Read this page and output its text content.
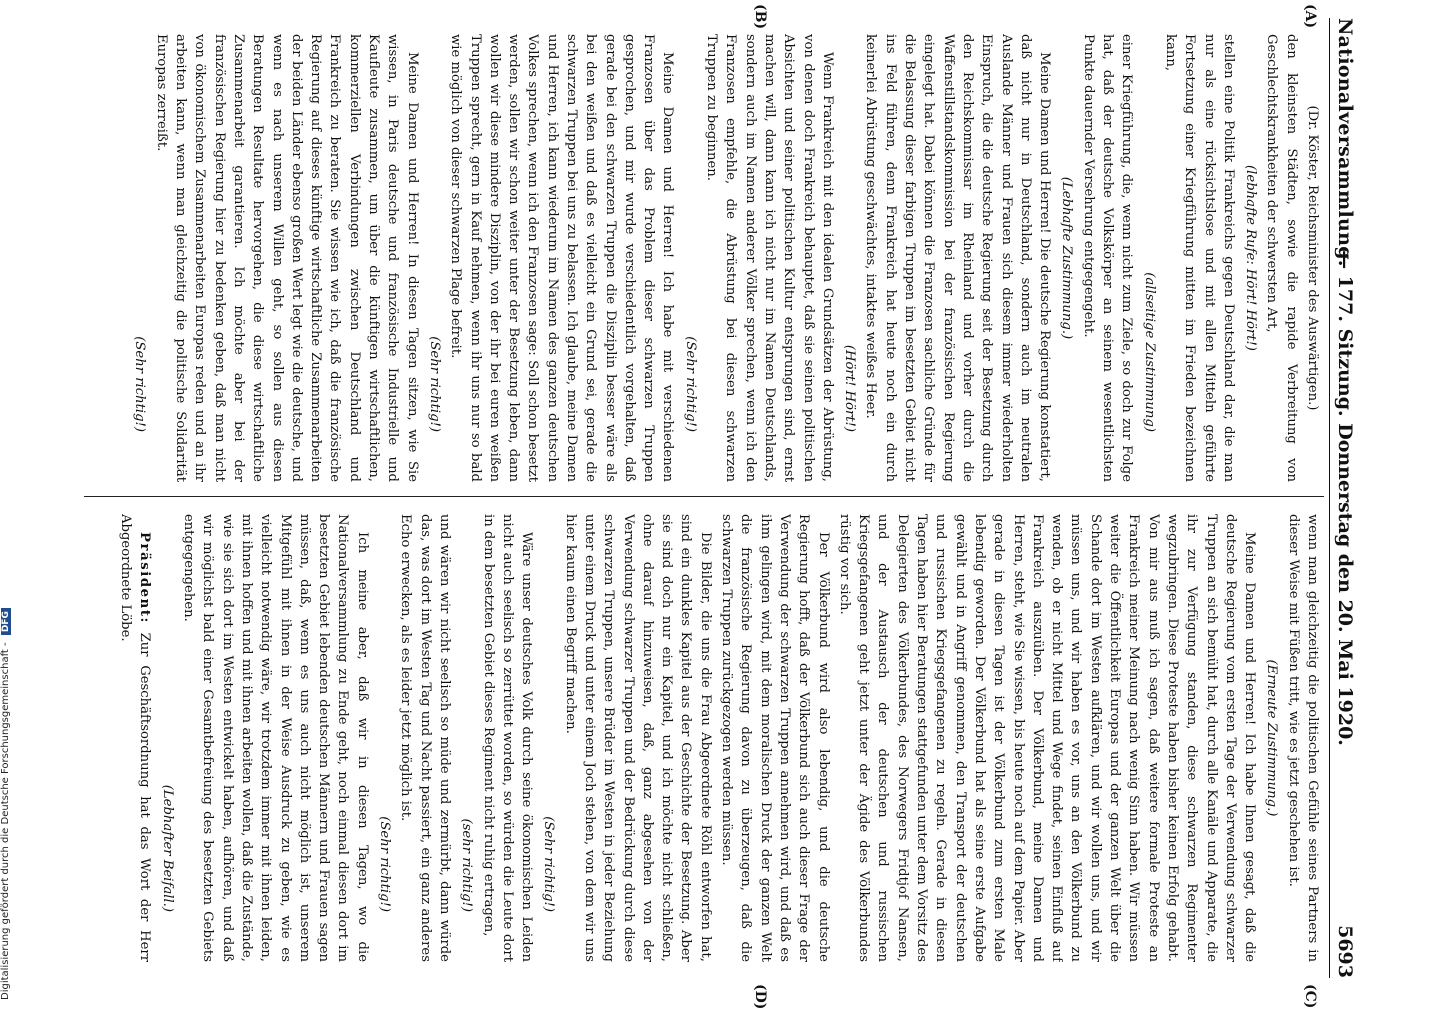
Nationalversammlung.
— 177. Sitzung. Donnerstag den 20. Mai 1920.
5693
(A)
(B)
(C)
(D)

(Dr. Köster, Reichsminister des Auswärtigen.)

den kleinsten Städten, sowie die rapide Verbreitung von Geschlechtskrankheiten der schwersten Art,

(lebhafte Rufe: Hört! Hört!)

stellen eine Politik Frankreichs gegen Deutschland dar, die man nur als eine rücksichtslose und mit allen Mitteln geführte Fortsetzung einer Kriegführung mitten im Frieden bezeichnen kann,

(allseitige Zustimmung)

einer Kriegführung, die, wenn nicht zum Ziele, so doch zur Folge hat, daß der deutsche Volkskörper an seinem wesentlichsten Punkte dauernder Versehrung entgegengeht.

(Lebhafte Zustimmung.)

Meine Damen und Herren! Die deutsche Regierung konstatiert, daß nicht nur in Deutschland, sondern auch im neutralen Auslande Männer und Frauen sich diesem immer wiederholten Einspruch, die die deutsche Regierung seit der Besetzung durch den Reichskommissar im Rheinland und vorher durch die Waffenstillstandskommission bei der französischen Regierung eingelegt hat. Dabei können die Franzosen sachliche Gründe für die Belassung dieser farbigen Truppen im besetzten Gebiet nicht ins Feld führen, denn Frankreich hat heute noch ein durch keinerlei Abrüstung geschwächtes, intaktes weißes Heer.

(Hört! Hört!)

Wenn Frankreich mit den idealen Grundsätzen der Abrüstung, von denen doch Frankreich behauptet, daß sie seinen politischen Absichten und seiner politischen Kultur entsprungen sind, ernst machen will, dann kann ich nicht nur im Namen Deutschlands, sondern auch im Namen anderer Völker sprechen, wenn ich den Franzosen empfehle, die Abrüstung bei diesen schwarzen Truppen zu beginnen.

(Sehr richtig!)

Meine Damen und Herren! Ich habe mit verschiedenen Franzosen über das Problem dieser schwarzen Truppen gesprochen, und mir wurde verschiedentlich vorgehalten, daß gerade bei den schwarzen Truppen die Disziplin besser wäre als bei den weißen und daß es vielleicht ein Grund sei, gerade die schwarzen Truppen bei uns zu belassen. Ich glaube, meine Damen und Herren, ich kann wiederum im Namen des ganzen deutschen Volkes sprechen, wenn ich den Franzosen sage: Soll schon besetzt werden, sollen wir schon weiter unter der Besetzung leben, dann wollen wir diese mindere Disziplin, von der ihr bei euren weißen Truppen sprecht, gern in Kauf nehmen, wenn ihr uns nur so bald wie möglich von dieser schwarzen Plage befreit.

(Sehr richtig!)

Meine Damen und Herren! In diesen Tagen sitzen, wie Sie wissen, in Paris deutsche und französische Industrielle und Kaufleute zusammen, um über die künftigen wirtschaftlichen, kommerziellen Verbindungen zwischen Deutschland und Frankreich zu beraten. Sie wissen wie ich, daß die französische Regierung auf dieses künftige wirtschaftliche Zusammenarbeiten der beiden Länder ebenso großen Wert legt wie die deutsche, und wenn es nach unserem Willen geht, so sollen aus diesen Beratungen Resultate hervorgehen, die diese wirtschaftliche Zusammenarbeit garantieren. Ich möchte aber bei der französischen Regierung hier zu bedenken geben, daß man nicht von ökonomischem Zusammenarbeiten Europas reden und an ihr arbeiten kann, wenn man gleichzeitig die politische Solidarität Europas zerreißt.

(Sehr richtig!)

wenn man gleichzeitig die politischen Gefühle seines Partners in dieser Weise mit Füßen tritt, wie es jetzt geschehen ist.

(Erneute Zustimmung.)

Meine Damen und Herren! Ich habe Ihnen gesagt, daß die deutsche Regierung vom ersten Tage der Verwendung schwarzer Truppen an sich bemüht hat, durch alle Kanäle und Apparate, die ihr zur Verfügung standen, diese schwarzen Regimenter wegzubringen. Diese Proteste haben bisher keinen Erfolg gehabt. Von mir aus muß ich sagen, daß weitere formale Proteste an Frankreich meiner Meinung nach wenig Sinn haben. Wir müssen weiter die Öffentlichkeit Europas und der ganzen Welt über die Schande dort im Westen aufklären, und wir wollen uns, und wir müssen uns, und wir haben es vor, uns an den Völkerbund zu wenden, ob er nicht Mittel und Wege findet, seinen Einfluß auf Frankreich auszuüben. Der Völkerbund, meine Damen und Herren, steht, wie Sie wissen, bis heute noch auf dem Papier. Aber gerade in diesen Tagen ist der Völkerbund zum ersten Male lebendig geworden. Der Völkerbund hat als seine erste Aufgabe gewählt und in Angriff genommen, den Transport der deutschen und russischen Kriegsgefangenen zu regeln. Gerade in diesen Tagen haben hier Beratungen stattgefunden unter dem Vorsitz des Delegierten des Völkerbundes, des Norwegers Fridtjof Nansen, und der Austausch der deutschen und russischen Kriegsgefangenen geht jetzt unter der Ägide des Völkerbundes rüstig vor sich.

Der Völkerbund wird also lebendig, und die deutsche Regierung hofft, daß der Völkerbund sich auch dieser Frage der Verwendung der schwarzen Truppen annehmen wird, und daß es ihm gelingen wird, mit dem moralischen Druck der ganzen Welt die französische Regierung davon zu überzeugen, daß die schwarzen Truppen zurückgezogen werden müssen.

Die Bilder, die uns die Frau Abgeordnete Röhl entworfen hat, sind ein dunkles Kapitel aus der Geschichte der Besetzung. Aber sie sind doch nur ein Kapitel, und ich möchte nicht schließen, ohne darauf hinzuweisen, daß, ganz abgesehen von der Verwendung schwarzer Truppen und der Bedrückung durch diese schwarzen Truppen, unsere Brüder im Westen in jeder Beziehung unter einem Druck und unter einem Joch stehen, von dem wir uns hier kaum einen Begriff machen.

(Sehr richtig!)

Wäre unser deutsches Volk durch seine ökonomischen Leiden nicht auch seelisch so zerrüttet worden, so würden die Leute dort in dem besetzten Gebiet dieses Regiment nicht ruhig ertragen,

(sehr richtig!)

und wären wir nicht seelisch so müde und zermürbt, dann würde das, was dort im Westen Tag und Nacht passiert, ein ganz anderes Echo erwecken, als es leider jetzt möglich ist.

(Sehr richtig!)

Ich meine aber, daß wir in diesen Tagen, wo die Nationalversammlung zu Ende geht, noch einmal diesen dort im besetzten Gebiet lebenden deutschen Männern und Frauen sagen müssen, daß, wenn es uns auch nicht möglich ist, unserem Mitgefühl mit ihnen in der Weise Ausdruck zu geben, wie es vielleicht notwendig wäre, wir trotzdem immer mit ihnen leiden, mit ihnen hoffen und mit ihnen arbeiten wollen, daß die Zustände, wie sie sich dort im Westen entwickelt haben, aufhören, und daß wir möglichst bald einer Gesamtbefreiung des besetzten Gebiets entgegengehen.

(Lebhafter Beifall.)

Präsident: Zur Geschäftsordnung hat das Wort der Herr Abgeordnete Löbe.

Digitalisierung gefördert durch die Deutsche Forschungsgemeinschaft - DFG
